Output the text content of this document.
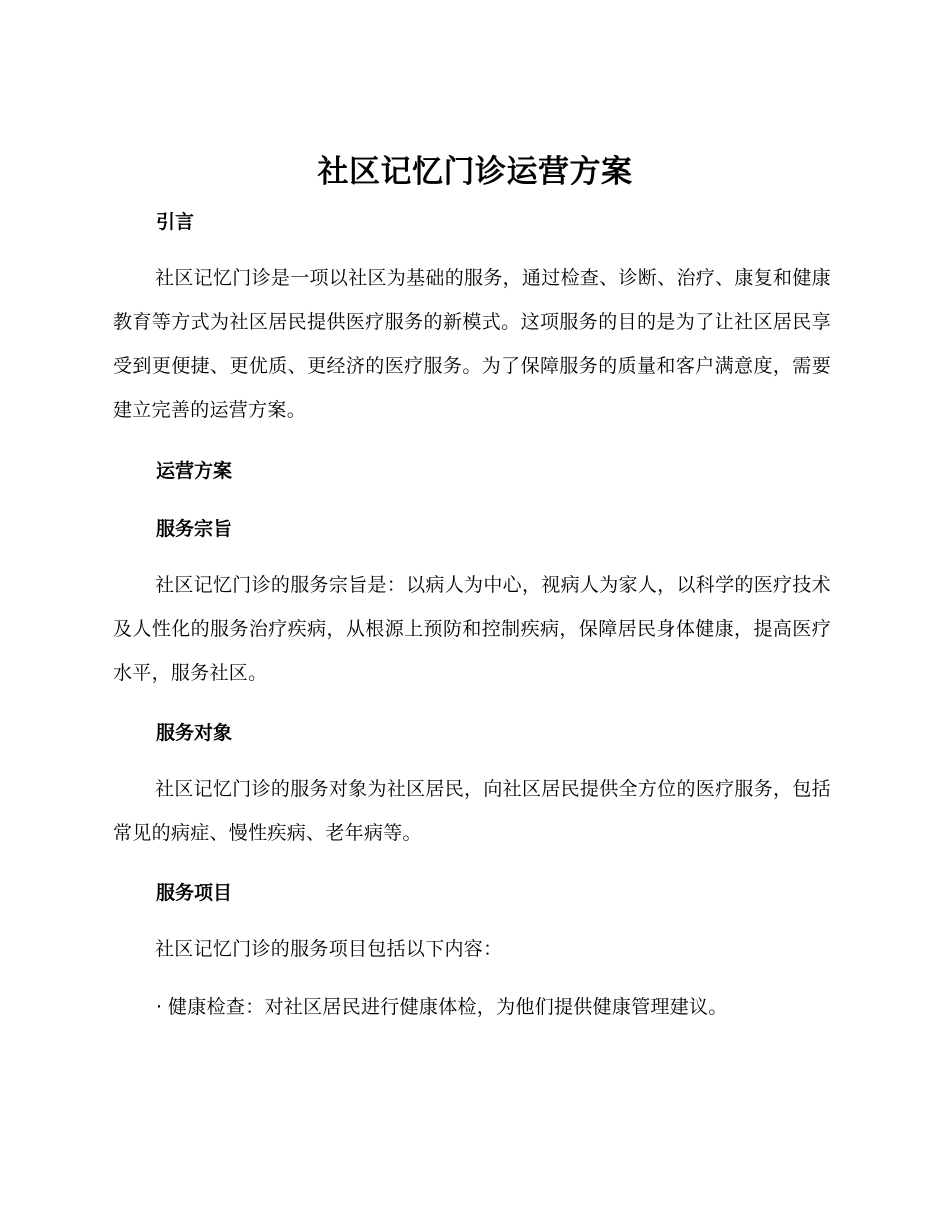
社区记忆门诊运营方案
引言
社区记忆门诊是一项以社区为基础的服务，通过检查、诊断、治疗、康复和健康教育等方式为社区居民提供医疗服务的新模式。这项服务的目的是为了让社区居民享受到更便捷、更优质、更经济的医疗服务。为了保障服务的质量和客户满意度，需要建立完善的运营方案。
运营方案
服务宗旨
社区记忆门诊的服务宗旨是：以病人为中心，视病人为家人，以科学的医疗技术及人性化的服务治疗疾病，从根源上预防和控制疾病，保障居民身体健康，提高医疗水平，服务社区。
服务对象
社区记忆门诊的服务对象为社区居民，向社区居民提供全方位的医疗服务，包括常见的病症、慢性疾病、老年病等。
服务项目
社区记忆门诊的服务项目包括以下内容：
· 健康检查：对社区居民进行健康体检，为他们提供健康管理建议。
